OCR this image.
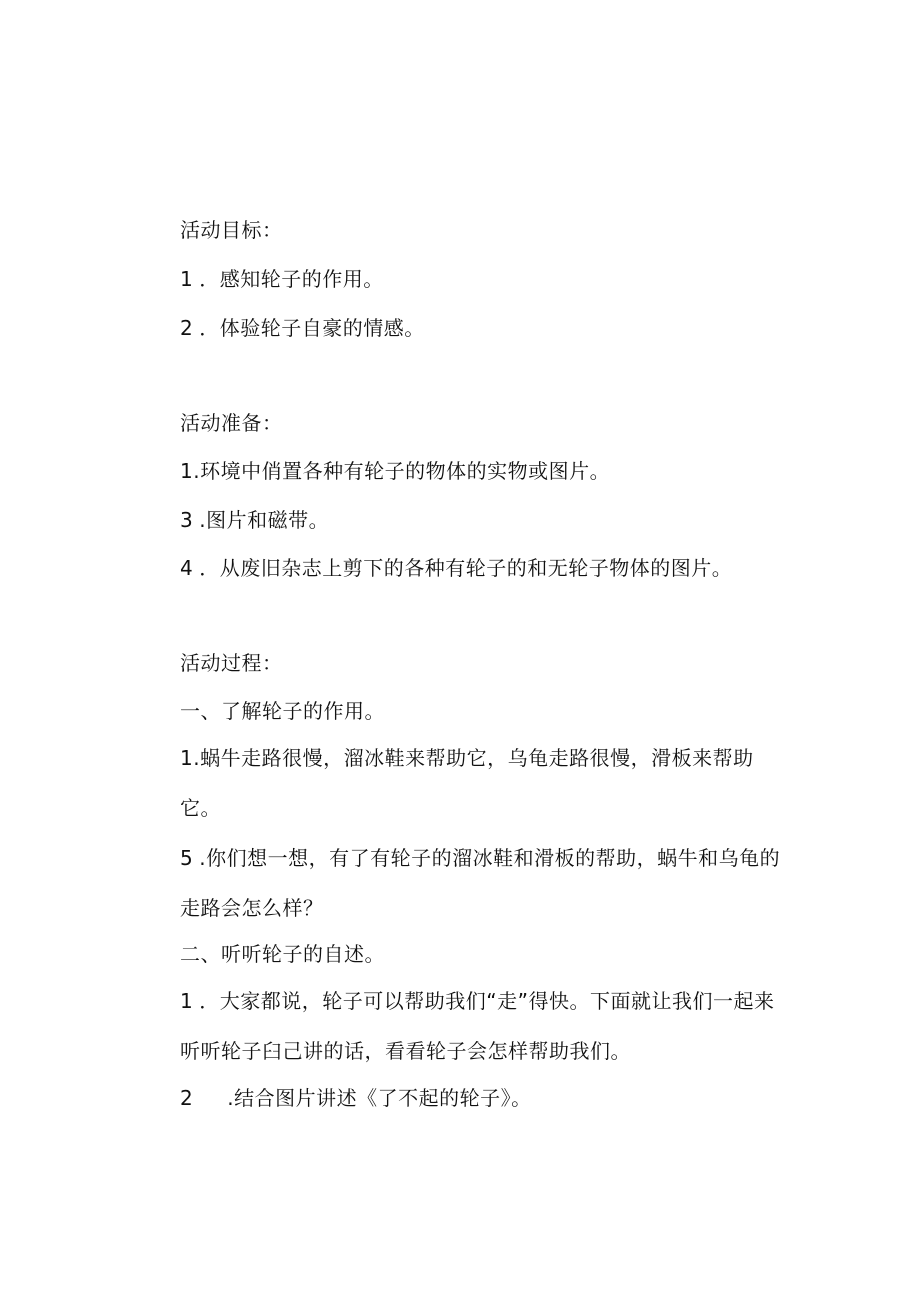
活动目标：
1 ．感知轮子的作用。
2 ．体验轮子自豪的情感。
活动准备：
1.环境中俏置各种有轮子的物体的实物或图片。
3 .图片和磁带。
4 ．从废旧杂志上剪下的各种有轮子的和无轮子物体的图片。
活动过程：
一、了解轮子的作用。
1.蜗牛走路很慢，溜冰鞋来帮助它，乌龟走路很慢，滑板来帮助它。
5 .你们想一想，有了有轮子的溜冰鞋和滑板的帮助，蜗牛和乌龟的走路会怎么样？
二、听听轮子的自述。
1 ．大家都说，轮子可以帮助我们“走”得快。下面就让我们一起来听听轮子臼己讲的话，看看轮子会怎样帮助我们。
2 .结合图片讲述《了不起的轮子》。
